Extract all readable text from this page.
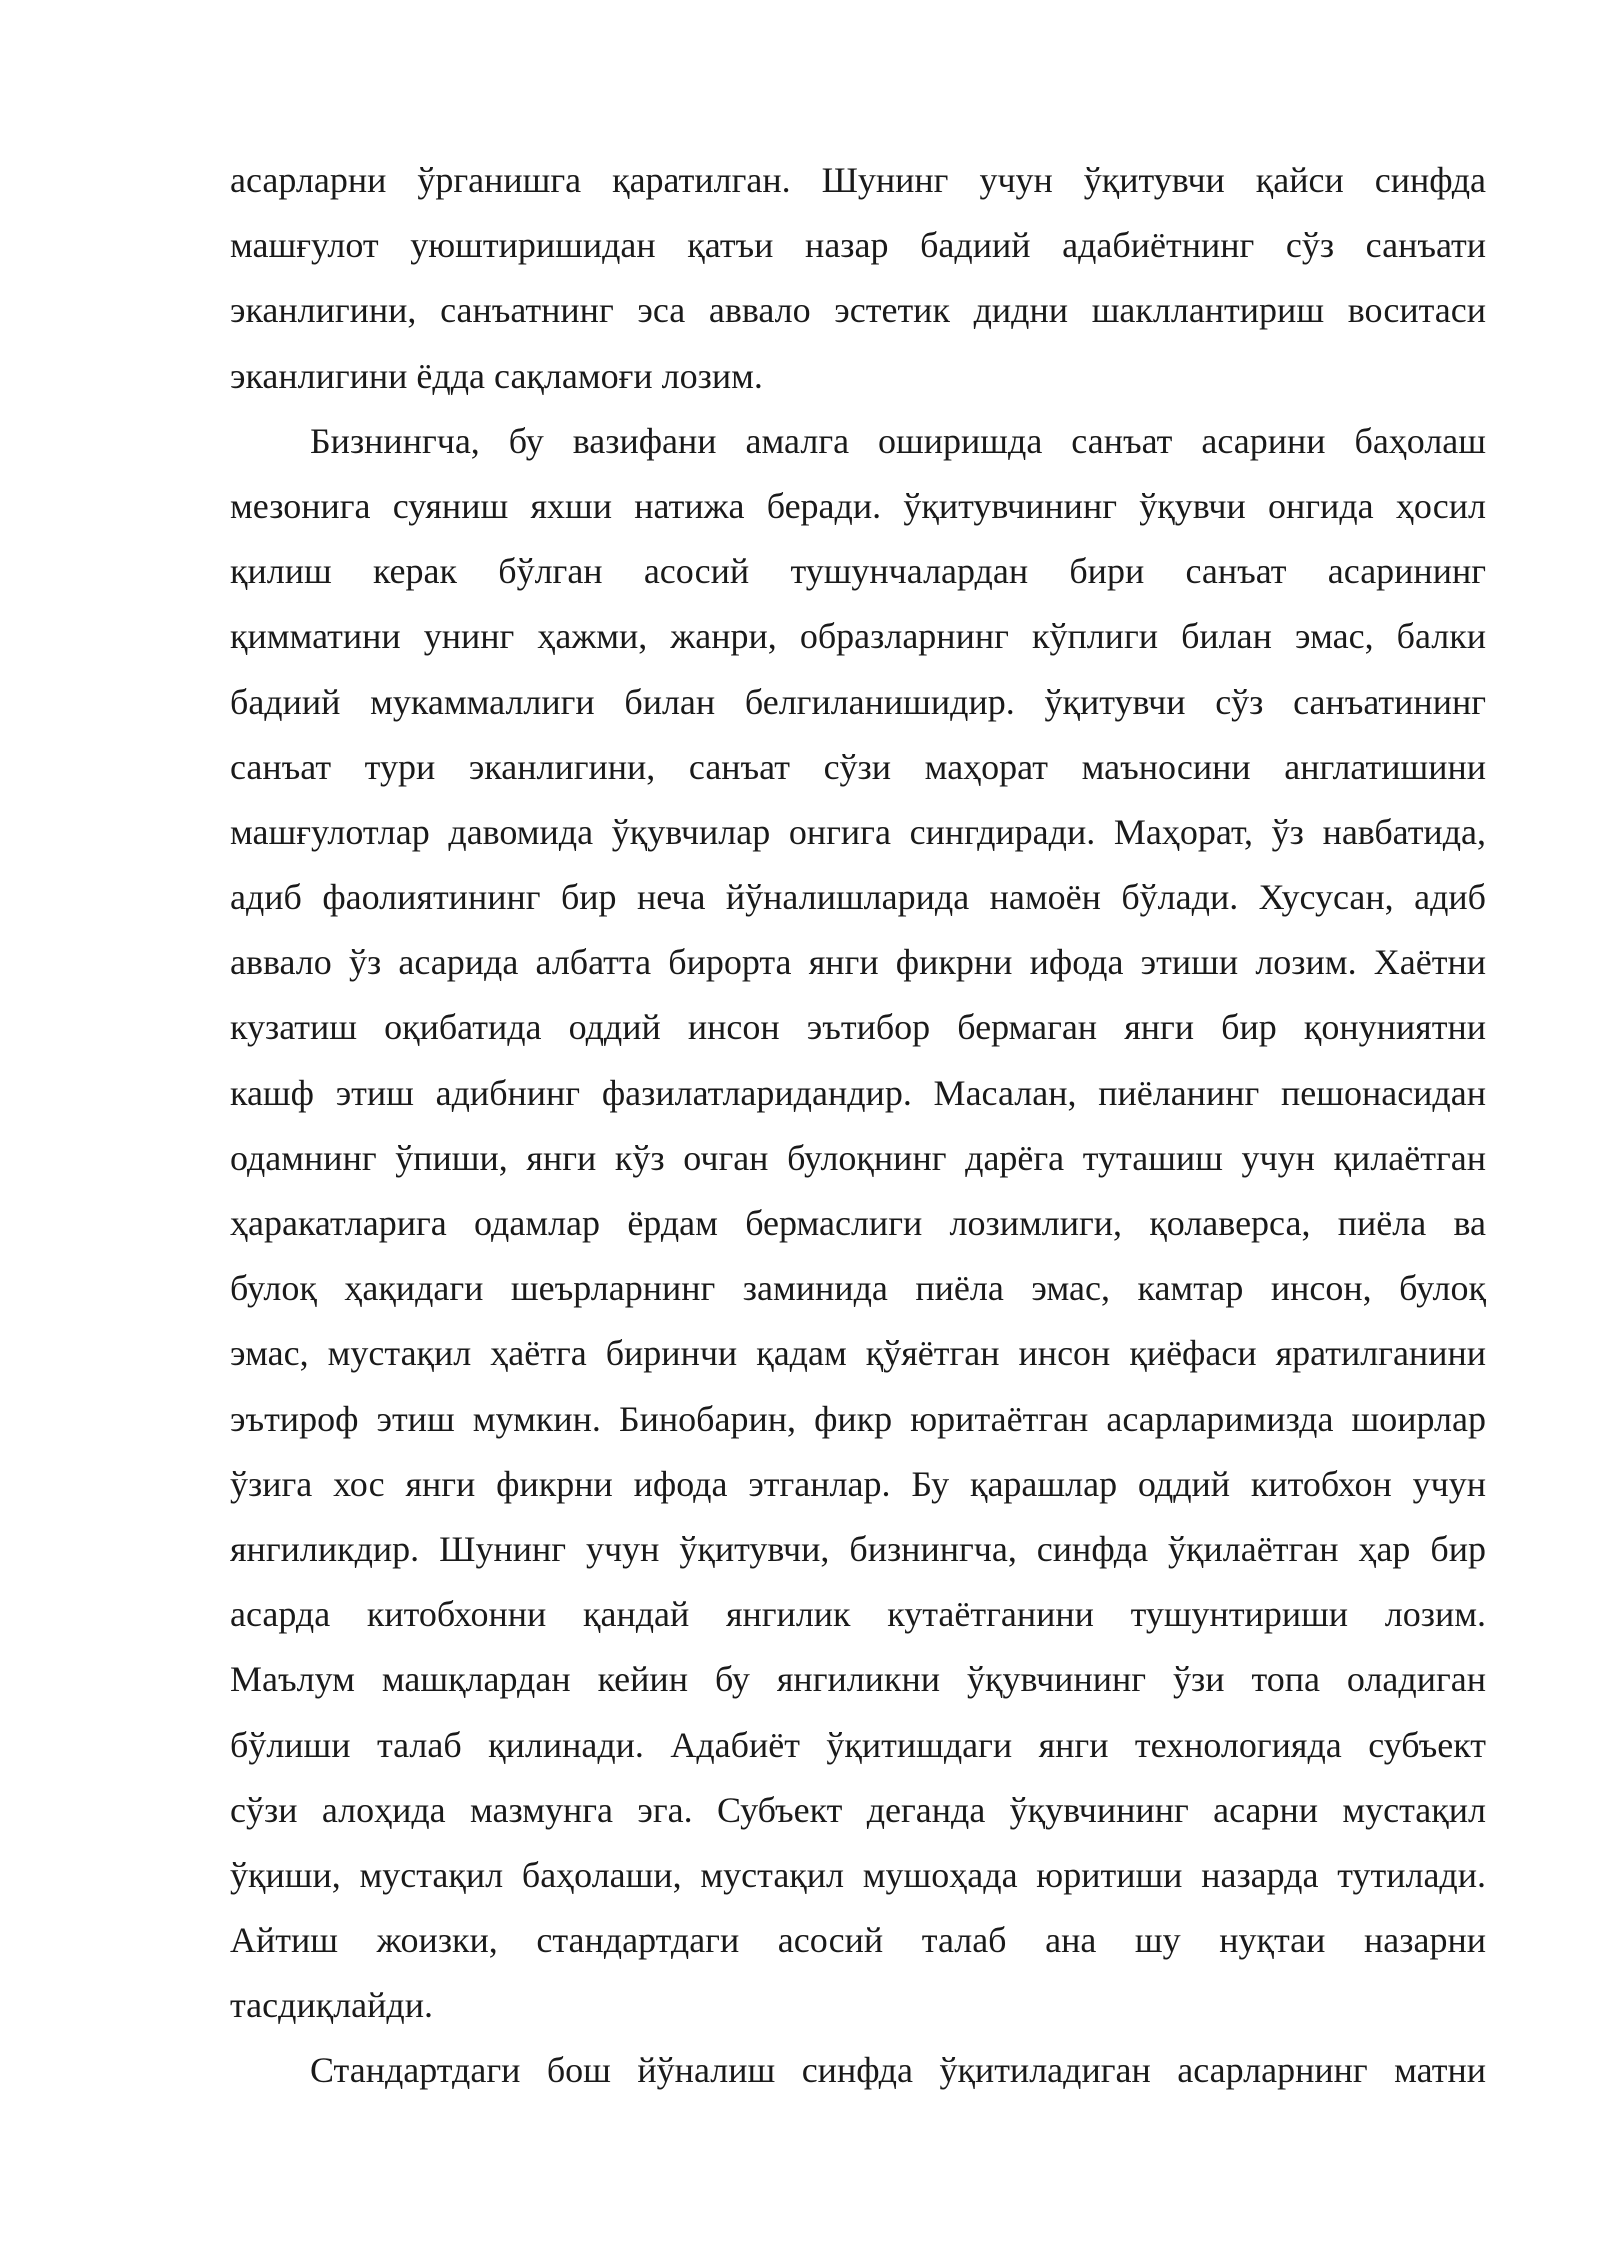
асарларни ўрганишга қаратилган. Шунинг учун ўқитувчи қайси синфда
машғулот уюштиришидан қатъи назар бадиий адабиётнинг сўз санъати
эканлигини, санъатнинг эса аввало эстетик дидни шакллантириш воситаси
эканлигини ёдда сақламоғи лозим.
Бизнингча, бу вазифани амалга оширишда санъат асарини баҳолаш
мезонига суяниш яхши натижа беради. ўқитувчининг ўқувчи онгида ҳосил
қилиш керак бўлган асосий тушунчалардан бири санъат асарининг
қимматини унинг ҳажми, жанри, образларнинг кўплиги билан эмас, балки
бадиий мукаммаллиги билан белгиланишидир. ўқитувчи сўз санъатининг
санъат тури эканлигини, санъат сўзи маҳорат маъносини англатишини
машғулотлар давомида ўқувчилар онгига сингдиради. Маҳорат, ўз навбатида,
адиб фаолиятининг бир неча йўналишларида намоён бўлади. Хусусан, адиб
аввало ўз асарида албатта бирорта янги фикрни ифода этиши лозим. Хаётни
кузатиш оқибатида оддий инсон эътибор бермаган янги бир қонуниятни
кашф этиш адибнинг фазилатларидандир. Масалан, пиёланинг пешонасидан
одамнинг ўпиши, янги кўз очган булоқнинг дарёга туташиш учун қилаётган
ҳаракатларига одамлар ёрдам бермаслиги лозимлиги, қолаверса, пиёла ва
булоқ ҳақидаги шеърларнинг заминида пиёла эмас, камтар инсон, булоқ
эмас, мустақил ҳаётга биринчи қадам қўяётган инсон қиёфаси яратилганини
эътироф этиш мумкин. Бинобарин, фикр юритаётган асарларимизда шоирлар
ўзига хос янги фикрни ифода этганлар. Бу қарашлар оддий китобхон учун
янгиликдир. Шунинг учун ўқитувчи, бизнингча, синфда ўқилаётган ҳар бир
асарда китобхонни қандай янгилик кутаётганини тушунтириши лозим.
Маълум машқлардан кейин бу янгиликни ўқувчининг ўзи топа оладиган
бўлиши талаб қилинади. Адабиёт ўқитишдаги янги технологияда субъект
сўзи алоҳида мазмунга эга. Субъект деганда ўқувчининг асарни мустақил
ўқиши, мустақил баҳолаши, мустақил мушоҳада юритиши назарда тутилади.
Айтиш жоизки, стандартдаги асосий талаб ана шу нуқтаи назарни
тасдиқлайди.
Стандартдаги бош йўналиш синфда ўқитиладиган асарларнинг матни
